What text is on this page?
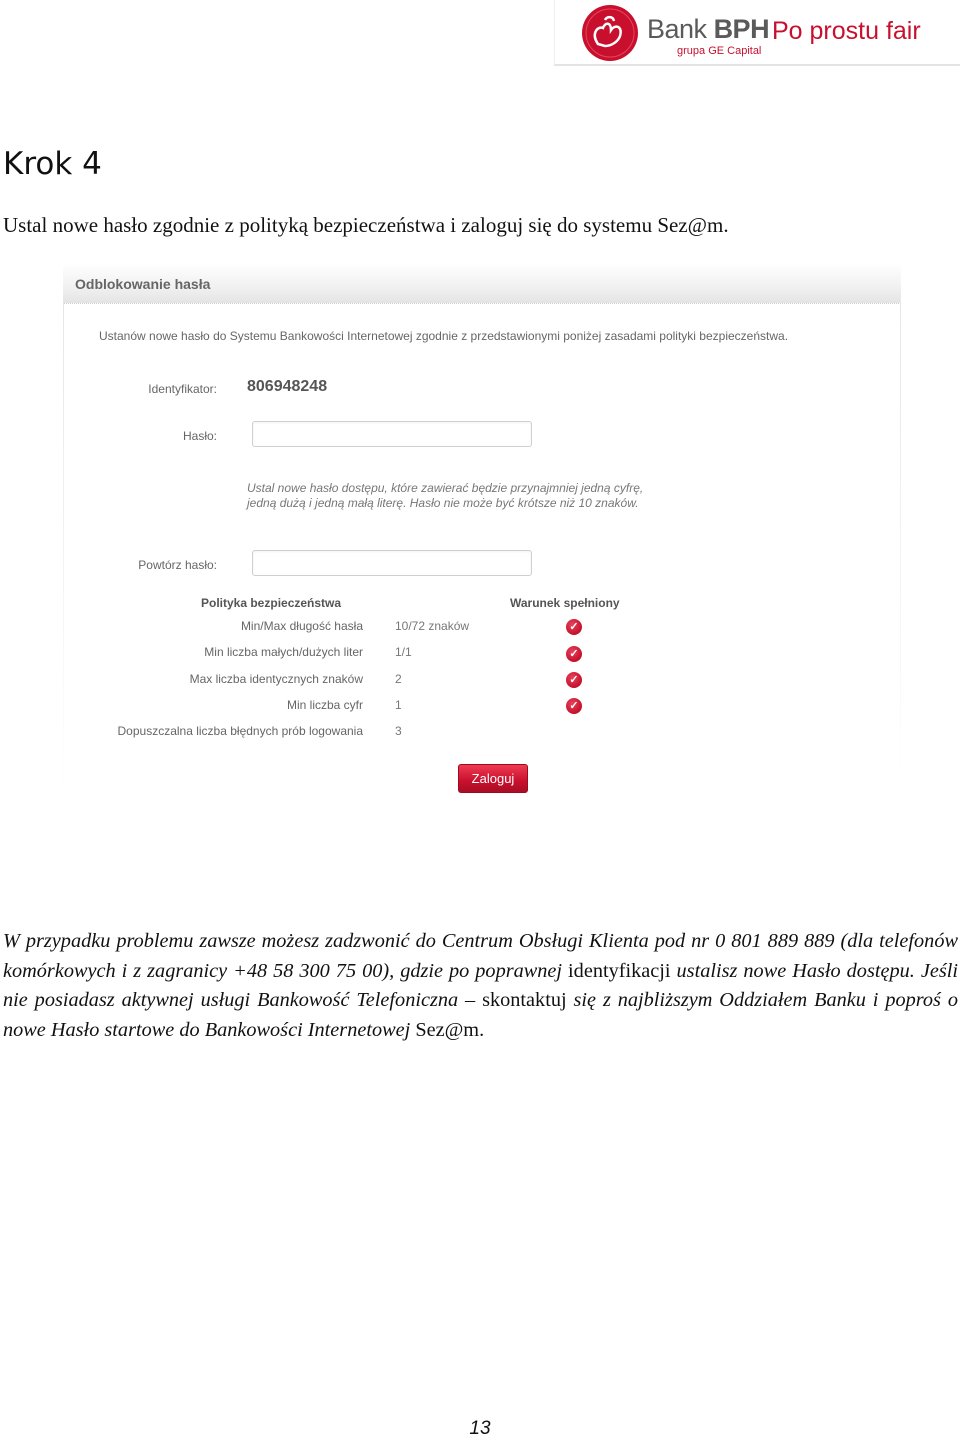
Bank BPH
grupa GE Capital
Po prostu fair
Krok 4
Ustal nowe hasło zgodnie z polityką bezpieczeństwa i zaloguj się do systemu Sez@m.
Odblokowanie hasła
Ustanów nowe hasło do Systemu Bankowości Internetowej zgodnie z przedstawionymi poniżej zasadami polityki bezpieczeństwa.
Identyfikator: 806948248
Hasło:
Ustal nowe hasło dostępu, które zawierać będzie przynajmniej jedną cyfrę, jedną dużą i jedną małą literę. Hasło nie może być krótsze niż 10 znaków.
Powtórz hasło:
Polityka bezpieczeństwa	Warunek spełniony
Min/Max długość hasła	10/72 znaków	✓
Min liczba małych/dużych liter	1/1	✓
Max liczba identycznych znaków	2	✓
Min liczba cyfr	1	✓
Dopuszczalna liczba błędnych prób logowania	3
Zaloguj
W przypadku problemu zawsze możesz zadzwonić do Centrum Obsługi Klienta pod nr 0 801 889 889 (dla telefonów komórkowych i z zagranicy +48 58 300 75 00), gdzie po poprawnej identyfikacji ustalisz nowe Hasło dostępu. Jeśli nie posiadasz aktywnej usługi Bankowość Telefoniczna – skontaktuj się z najbliższym Oddziałem Banku i poproś o nowe Hasło startowe do Bankowości Internetowej Sez@m.
13
